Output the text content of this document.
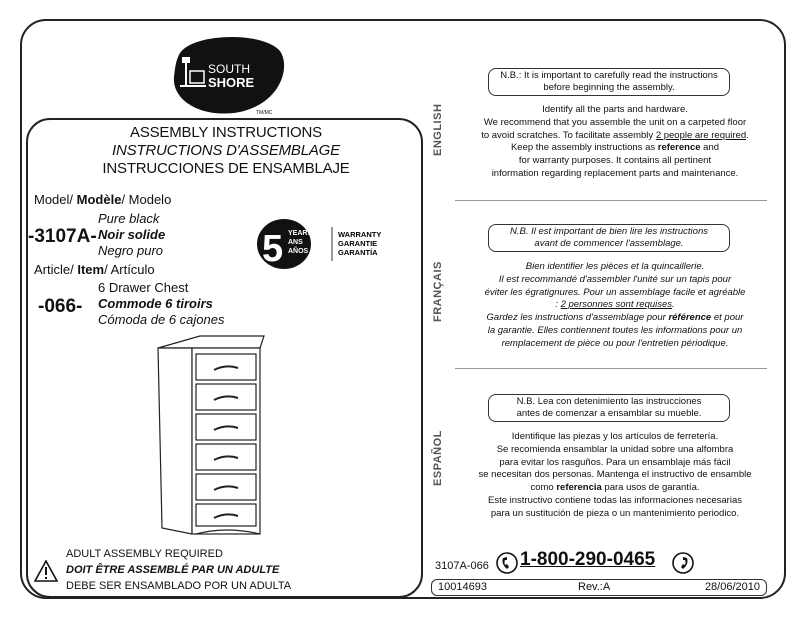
SOUTH
SHORE
TM/MC
ASSEMBLY INSTRUCTIONS
INSTRUCTIONS D'ASSEMBLAGE
INSTRUCCIONES DE ENSAMBLAJE
Model/ Modèle/ Modelo
-3107A-
Pure black
Noir solide
Negro puro	5 YEARS
ANS
AÑOS
WARRANTY
GARANTIE
GARANTÍA
Article/ Item/ Artículo
-066-
6 Drawer Chest
Commode 6 tiroirs
Cómoda de 6 cajones
ADULT ASSEMBLY REQUIRED
DOIT ÊTRE ASSEMBLÉ PAR UN ADULTE
DEBE SER ENSAMBLADO POR UN ADULTA
ENGLISH
N.B.: It is important to carefully read the instructions
before beginning the assembly.
Identify all the parts and hardware.
We recommend that you assemble the unit on a carpeted floor
to avoid scratches. To facilitate assembly 2 people are required.
Keep the assembly instructions as reference and
for warranty purposes. It contains all pertinent
information regarding replacement parts and maintenance.
FRANÇAIS
N.B. Il est important de bien lire les instructions
avant de commencer l'assemblage.
Bien identifier les pièces et la quincaillerie.
Il est recommandé d'assembler l'unité sur un tapis pour
éviter les égratignures. Pour un assemblage facile et agréable
: 2 personnes sont requises.
Gardez les instructions d'assemblage pour référence et pour
la garantie. Elles contiennent toutes les informations pour un
remplacement de pièce ou pour l'entretien périodique.
ESPAÑOL
N.B. Lea con detenimiento las instrucciones
antes de comenzar a ensamblar su mueble.
Identifique las piezas y los artículos de ferretería.
Se recomienda ensamblar la unidad sobre una alfombra
para evitar los rasguños. Para un ensamblaje más fácil
se necesitan dos personas. Mantenga el instructivo de ensamble
como referencia para usos de garantía.
Este instructivo contiene todas las informaciones necesarias
para un sustitución de pieza o un mantenimiento periodico.
3107A-066 1-800-290-0465
10014693	Rev.:A	28/06/2010
